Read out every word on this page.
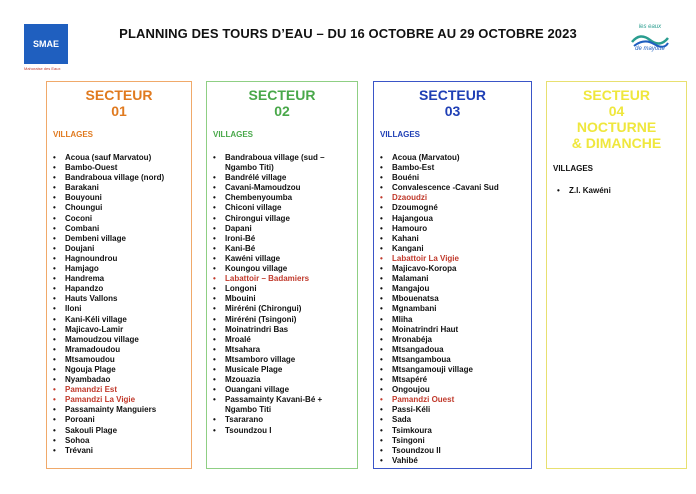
SMAE
Mahoraise des Eaux
PLANNING DES TOURS D’EAU – DU 16 OCTOBRE AU 29 OCTOBRE 2023	les eaux
de mayotte
SECTEUR
01
VILLAGES
• Acoua (sauf Marvatou)
• Bambo-Ouest
• Bandraboua village (nord)
• Barakani
• Bouyouni
• Choungui
• Coconi
• Combani
• Dembeni village
• Doujani
• Hagnoundrou
• Hamjago
• Handrema
• Hapandzo
• Hauts Vallons
• Iloni
• Kani-Kéli village
• Majicavo-Lamir
• Mamoudzou village
• Mramadoudou
• Mtsamoudou
• Ngouja Plage
• Nyambadao
• Pamandzi Est
• Pamandzi La Vigie
• Passamainty Manguiers
• Poroani
• Sakouli Plage
• Sohoa
• Trévani
SECTEUR
02
VILLAGES
• Bandraboua village (sud –
Ngambo Titi)
• Bandrélé village
• Cavani-Mamoudzou
• Chembenyoumba
• Chiconi village
• Chirongui village
• Dapani
• Ironi-Bé
• Kani-Bé
• Kawéni village
• Koungou village
• Labattoir – Badamiers
• Longoni
• Mbouini
• Miréréni (Chirongui)
• Miréréni (Tsingoni)
• Moinatrindri Bas
• Mroalé
• Mtsahara
• Mtsamboro village
• Musicale Plage
• Mzouazia
• Ouangani village
• Passamainty Kavani-Bé +
Ngambo Titi
• Tsararano
• Tsoundzou I
SECTEUR
03
VILLAGES
• Acoua (Marvatou)
• Bambo-Est
• Bouéni
• Convalescence -Cavani Sud
• Dzaoudzi
• Dzoumogné
• Hajangoua
• Hamouro
• Kahani
• Kangani
• Labattoir La Vigie
• Majicavo-Koropa
• Malamani
• Mangajou
• Mbouenatsa
• Mgnambani
• Mliha
• Moinatrindri Haut
• Mronabéja
• Mtsangadoua
• Mtsangamboua
• Mtsangamouji village
• Mtsapéré
• Ongoujou
• Pamandzi Ouest
• Passi-Kéli
• Sada
• Tsimkoura
• Tsingoni
• Tsoundzou II
• Vahibé
SECTEUR
04
NOCTURNE
& DIMANCHE
VILLAGES
• Z.I. Kawéni
